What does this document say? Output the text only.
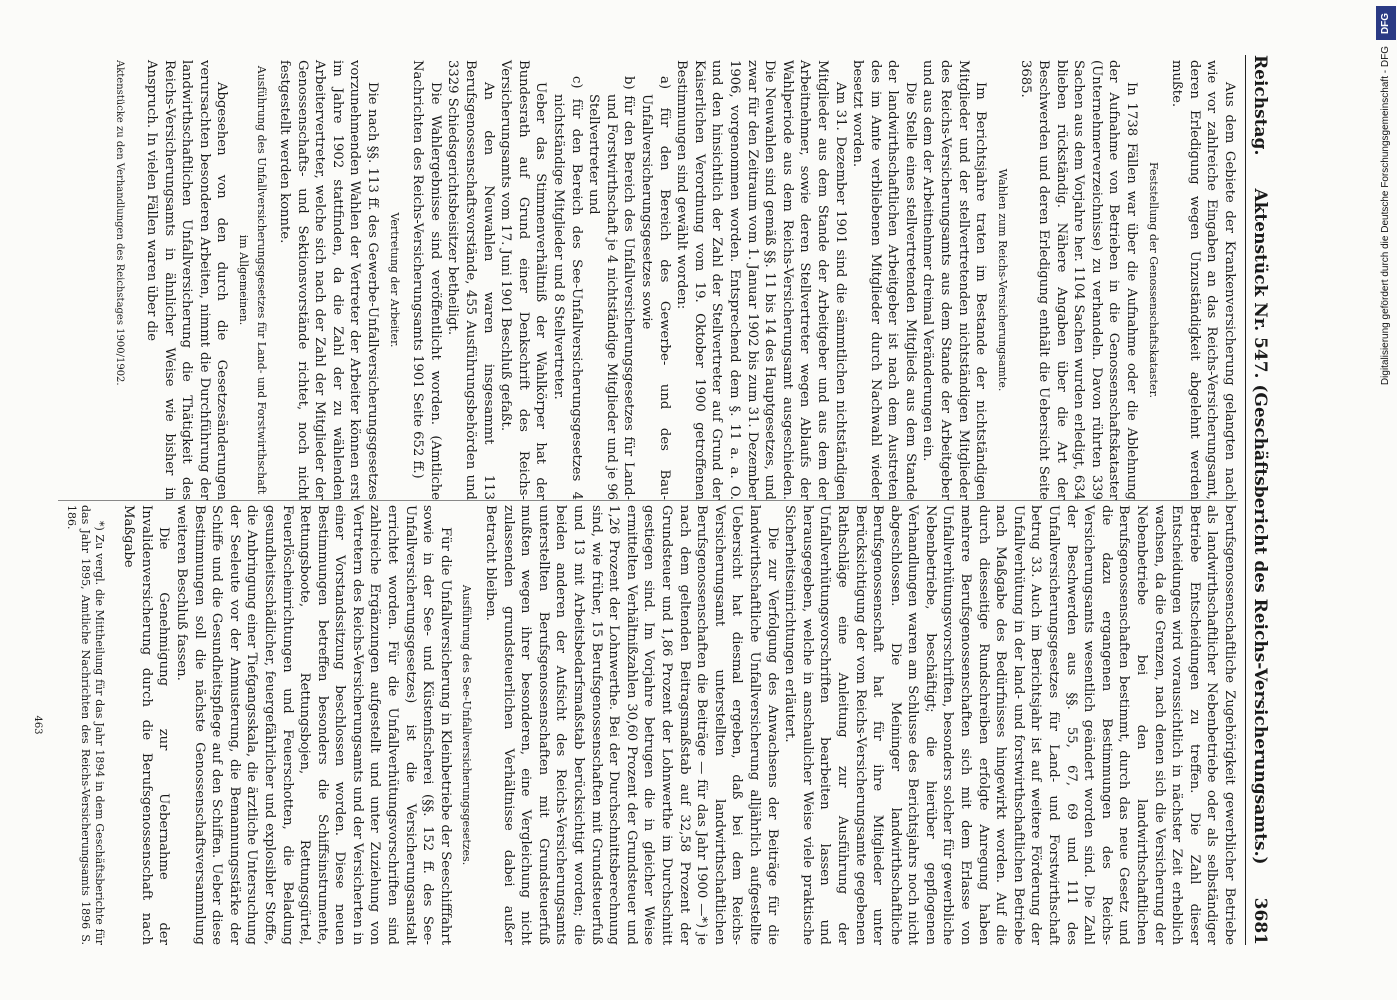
Reichstag.
Aktenstück Nr. 547. (Geschäftsbericht des Reichs-Versicherungsamts.)
3681

Aus dem Gebiete der Krankenversicherung gelangten nach wie vor zahlreiche Eingaben an das Reichs-Versicherungsamt, deren Erledigung wegen Unzuständigkeit abgelehnt werden mußte.

Feststellung der Genossenschaftskataster.

In 1738 Fällen war über die Aufnahme oder die Ablehnung der Aufnahme von Betrieben in die Genossenschaftskataster (Unternehmerverzeichnisse) zu verhandeln. Davon rührten 339 Sachen aus dem Vorjahre her. 1104 Sachen wurden erledigt, 634 blieben rückständig. Nähere Angaben über die Art der Beschwerden und deren Erledigung enthält die Uebersicht Seite 3685.

Wahlen zum Reichs-Versicherungsamte.

Im Berichtsjahre traten im Bestande der nichtständigen Mitglieder und der stellvertretenden nichtständigen Mitglieder des Reichs-Versicherungsamts aus dem Stande der Arbeitgeber und aus dem der Arbeitnehmer dreimal Veränderungen ein.

Die Stelle eines stellvertretenden Mitglieds aus dem Stande der landwirthschaftlichen Arbeitgeber ist nach dem Austreten des im Amte verbliebenen Mitglieder durch Nachwahl wieder besetzt worden.

Am 31. Dezember 1901 sind die sämmtlichen nichtständigen Mitglieder aus dem Stande der Arbeitgeber und aus dem der Arbeitnehmer, sowie deren Stellvertreter wegen Ablaufs der Wahlperiode aus dem Reichs-Versicherungsamt ausgeschieden. Die Neuwahlen sind gemäß §§. 11 bis 14 des Hauptgesetzes, und zwar für den Zeitraum vom 1. Januar 1902 bis zum 31. Dezember 1906, vorgenommen worden. Entsprechend dem §. 11 a. a. O. und den hinsichtlich der Zahl der Stellvertreter auf Grund der Kaiserlichen Verordnung vom 19. Oktober 1900 getroffenen Bestimmungen sind gewählt worden:

a) für den Bereich des Gewerbe- und des Bau-Unfallversicherungsgesetzes sowie

b) für den Bereich des Unfallversicherungsgesetzes für Land- und Forstwirthschaft je 4 nichtständige Mitglieder und je 96 Stellvertreter und

c) für den Bereich des See-Unfallversicherungsgesetzes 4 nichtständige Mitglieder und 8 Stellvertreter.

Ueber das Stimmenverhältniß der Wahlkörper hat der Bundesrath auf Grund einer Denkschrift des Reichs-Versicherungsamts vom 17. Juni 1901 Beschluß gefaßt.

An den Neuwahlen waren insgesammt 113 Berufsgenossenschaftsvorstände, 455 Ausführungsbehörden und 3329 Schiedsgerichtsbeisitzer betheiligt.

Die Wahlergebnisse sind veröffentlicht worden. (Amtliche Nachrichten des Reichs-Versicherungsamts 1901 Seite 652 ff.)

Vertretung der Arbeiter.

Die nach §§. 113 ff. des Gewerbe-Unfallversicherungsgesetzes vorzunehmenden Wahlen der Vertreter der Arbeiter können erst im Jahre 1902 stattfinden, da die Zahl der zu wählenden Arbeitervertreter, welche sich nach der Zahl der Mitglieder der Genossenschafts- und Sektionsvorstände richtet, noch nicht festgestellt werden konnte.

Ausführung des Unfallversicherungsgesetzes für Land- und Forstwirthschaft im Allgemeinen.

Abgesehen von den durch die Gesetzesänderungen verursachten besonderen Arbeiten, nimmt die Durchführung der landwirthschaftlichen Unfallversicherung die Thätigkeit des Reichs-Versicherungsamts in ähnlicher Weise wie bisher in Anspruch. In vielen Fällen waren über die

Aktenstücke zu den Verhandlungen des Reichstages 1900/1902.

berufsgenossenschaftliche Zugehörigkeit gewerblicher Betriebe als landwirthschaftlicher Nebenbetriebe oder als selbständiger Betriebe Entscheidungen zu treffen. Die Zahl dieser Entscheidungen wird voraussichtlich in nächster Zeit erheblich wachsen, da die Grenzen, nach denen sich die Versicherung der Nebenbetriebe bei den landwirthschaftlichen Berufsgenossenschaften bestimmt, durch das neue Gesetz und die dazu ergangenen Bestimmungen des Reichs-Versicherungsamts wesentlich geändert worden sind. Die Zahl der Beschwerden aus §§. 55, 67, 69 und 111 des Unfallversicherungsgesetzes für Land- und Forstwirthschaft betrug 33. Auch im Berichtsjahr ist auf weitere Förderung der Unfallverhütung in der land- und forstwirthschaftlichen Betriebe nach Maßgabe des Bedürfnisses hingewirkt worden. Auf die durch diesseitige Rundschreiben erfolgte Anregung haben mehrere Berufsgenossenschaften sich mit dem Erlasse von Unfallverhütungsvorschriften, besonders solcher für gewerbliche Nebenbetriebe, beschäftigt; die hierüber gepflogenen Verhandlungen waren am Schlusse des Berichtsjahrs noch nicht abgeschlossen. Die Meininger landwirthschaftliche Berufsgenossenschaft hat für ihre Mitglieder unter Berücksichtigung der vom Reichs-Versicherungsamte gegebenen Rathschläge eine Anleitung zur Ausführung der Unfallverhütungsvorschriften bearbeiten lassen und herausgegeben, welche in anschaulicher Weise viele praktische Sicherheitseinrichtungen erläutert.

Die zur Verfolgung des Anwachsens der Beiträge für die landwirthschaftliche Unfallversicherung alljährlich aufgestellte Uebersicht hat diesmal ergeben, daß bei dem Reichs-Versicherungsamt unterstellten landwirthschaftlichen Berufsgenossenschaften die Beiträge — für das Jahr 1900 —*) je nach dem geltenden Beitragsmaßstab auf 32,58 Prozent der Grundsteuer und 1,86 Prozent der Lohnwerthe im Durchschnitt gestiegen sind. Im Vorjahre betrugen die in gleicher Weise ermittelten Verhältnißzahlen 30,60 Prozent der Grundsteuer und 1,26 Prozent der Lohnwerthe. Bei der Durchschnittsberechnung sind, wie früher, 15 Berufsgenossenschaften mit Grundsteuerfuß und 13 mit Arbeitsbedarfsmaßstab berücksichtigt worden; die beiden anderen der Aufsicht des Reichs-Versicherungsamts unterstellten Berufsgenossenschaften mit Grundsteuerfuß mußten wegen ihrer besonderen, eine Vergleichung nicht zulassenden grundsteuerlichen Verhältnisse dabei außer Betracht bleiben.

Ausführung des See-Unfallversicherungsgesetzes.

Für die Unfallversicherung in Kleinbetriebe der Seeschifffahrt sowie in der See- und Küstenfischerei (§§. 152 ff. des See-Unfallversicherungsgesetzes) ist die Versicherungsanstalt errichtet worden. Für die Unfallverhütungsvorschriften sind zahlreiche Ergänzungen aufgestellt und unter Zuziehung von Vertretern des Reichs-Versicherungsamts und der Versicherten in einer Vorstandssitzung beschlossen worden. Diese neuen Bestimmungen betreffen besonders die Schiffsinstrumente, Rettungsboote, Rettungsbojen, Rettungsgürtel, Feuerlöscheinrichtungen und Feuerschotten, die Beladung gesundheitsschädlicher, feuergefährlicher und explosibler Stoffe, die Anbringung einer Tiefgangsskala, die ärztliche Untersuchung der Seeleute vor der Anmusterung, die Bemannungsstärke der Schiffe und die Gesundheitspflege auf den Schiffen. Ueber diese Bestimmungen soll die nächste Genossenschaftsversammlung weiteren Beschluß fassen.

Die Genehmigung zur Uebernahme der Invalidenversicherung durch die Berufsgenossenschaft nach Maßgabe

*) Zu vergl. die Mittheilung für das Jahr 1894 in dem Geschäftsberichte für das Jahr 1895, Amtliche Nachrichten des Reichs-Versicherungsamts 1896 S. 186.

463

DFG
Digitalisierung gefördert durch die Deutsche Forschungsgemeinschaft - DFG
